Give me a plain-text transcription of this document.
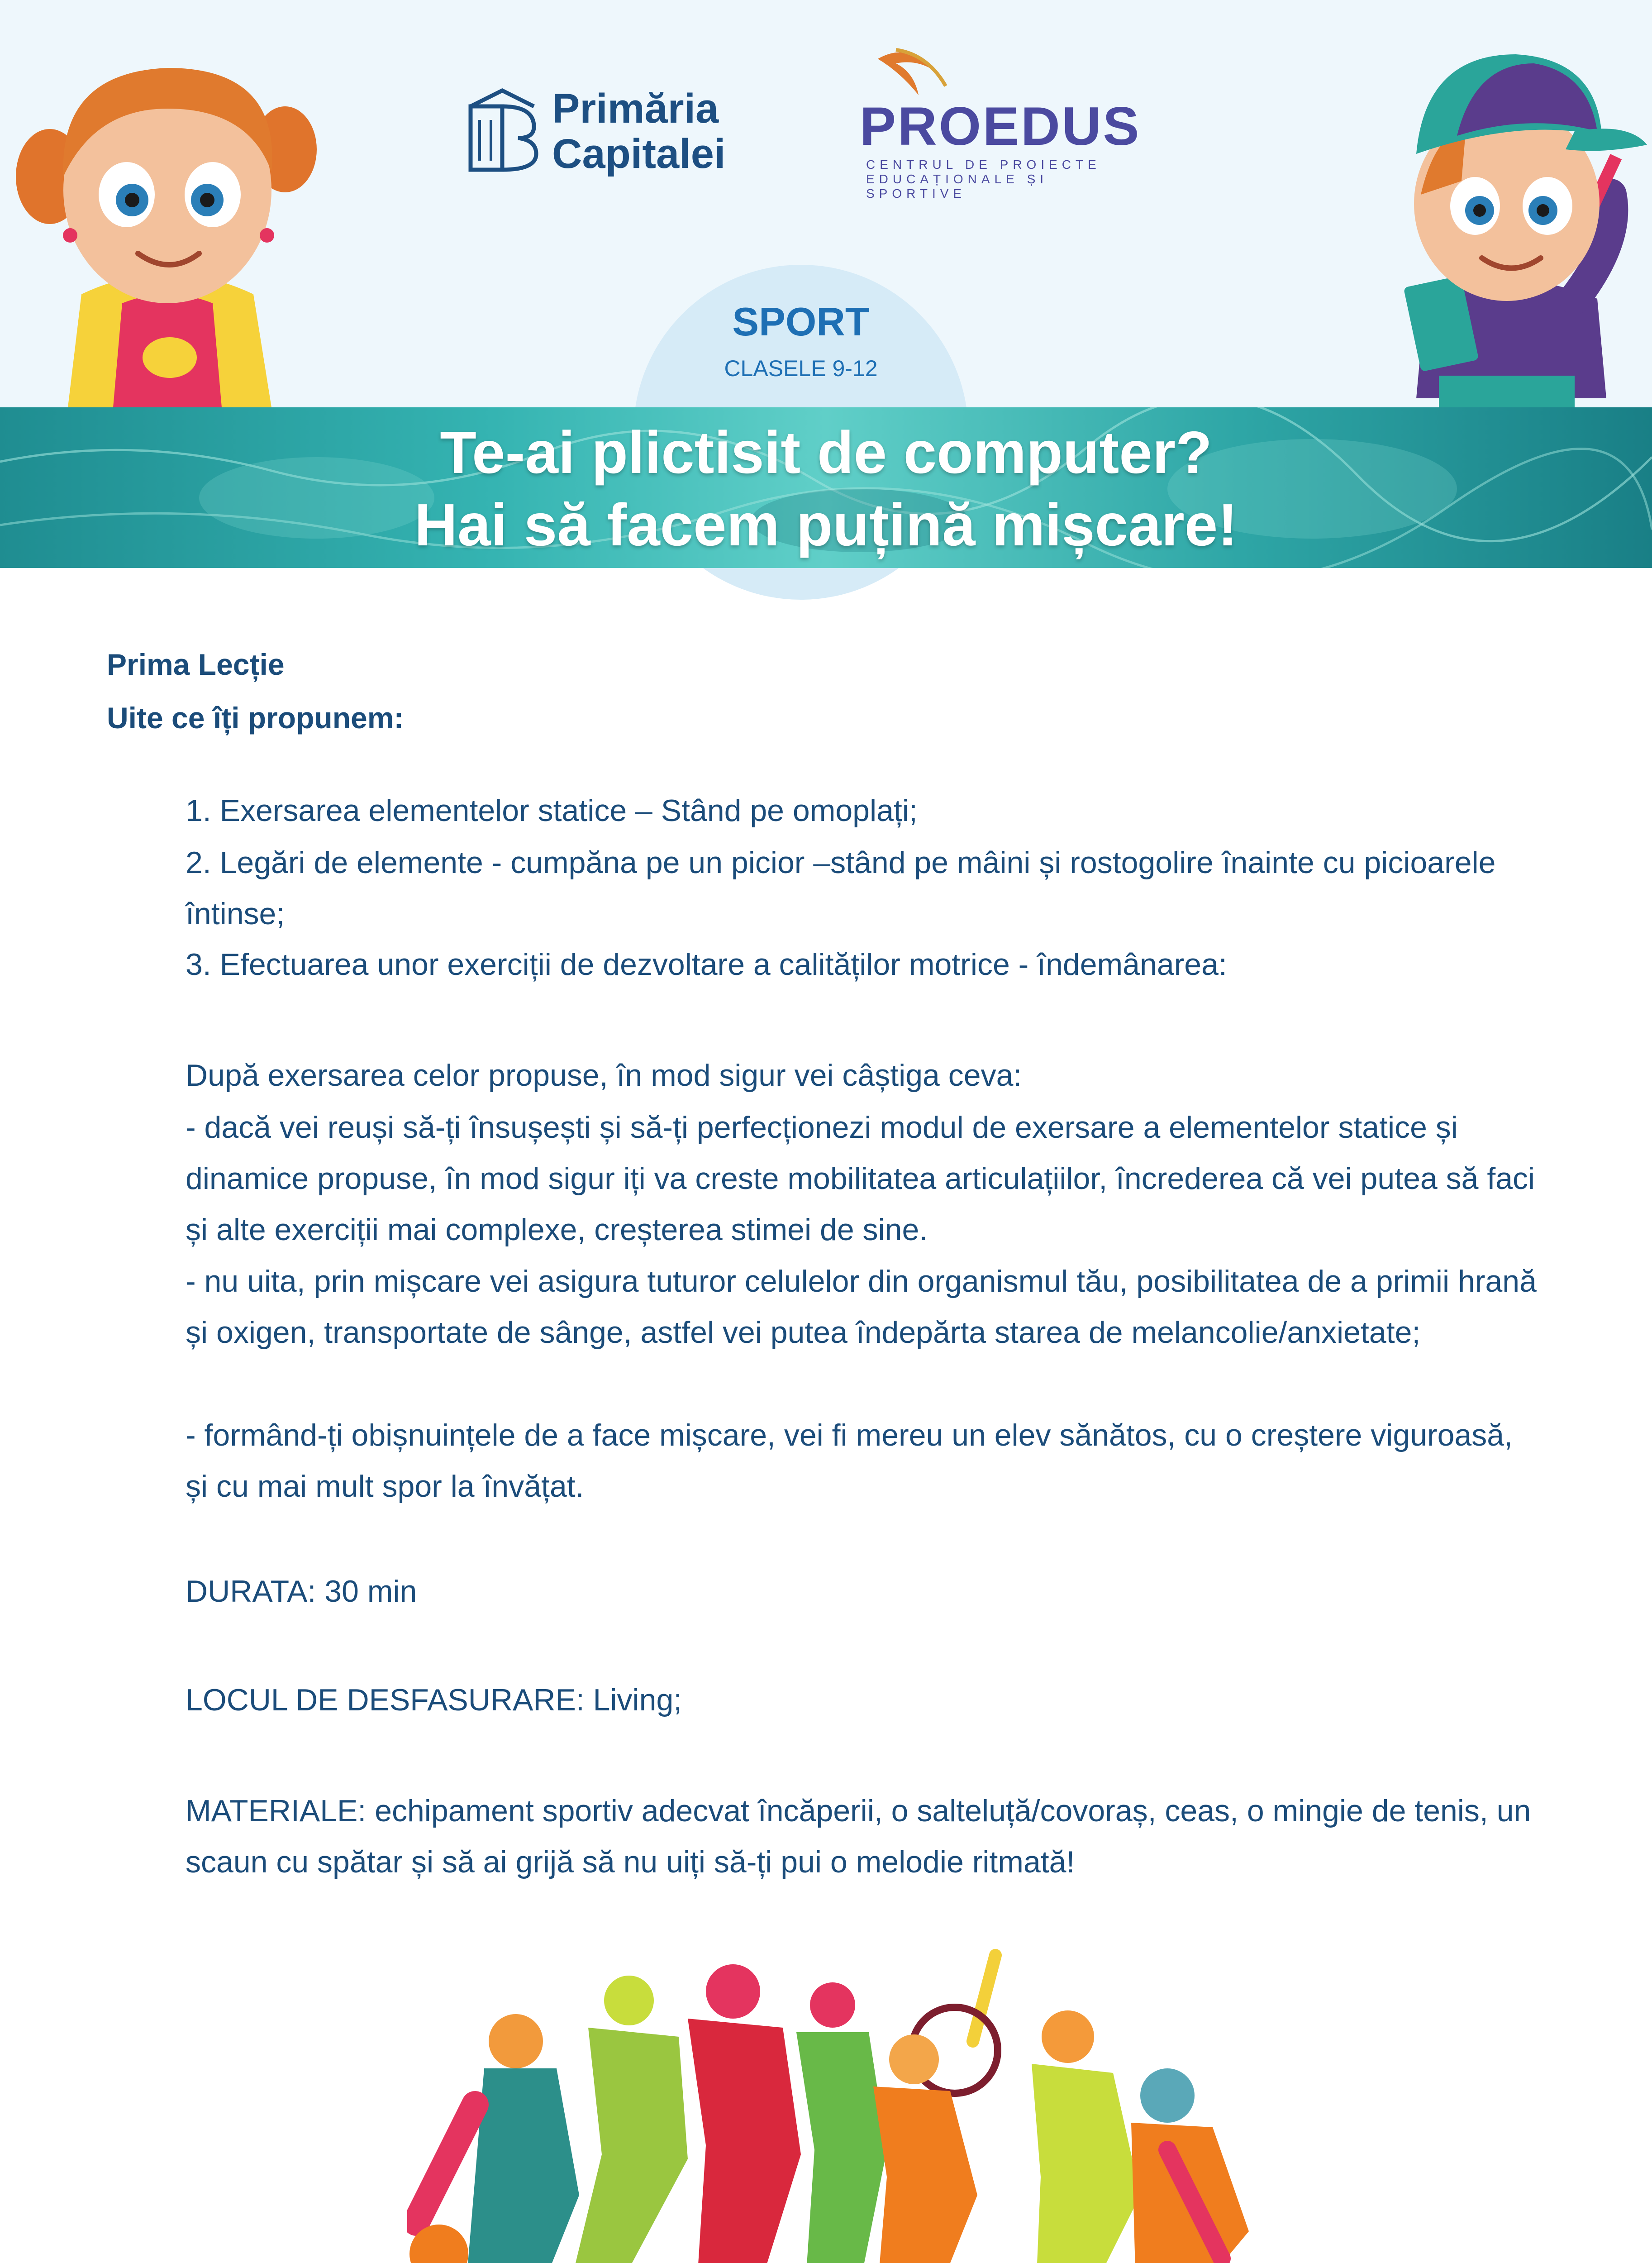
Primăria
Capitalei PROEDUS
CENTRUL DE PROIECTE
EDUCAȚIONALE ȘI SPORTIVE
SPORT
CLASELE 9-12
Te-ai plictisit de computer?
Hai să facem puțină mișcare!
Prima Lecție
Uite ce îți propunem:
1. Exersarea elementelor statice – Stând pe omoplați;
2. Legări de elemente - cumpăna pe un picior –stând pe mâini și rostogolire înainte cu picioarele întinse;
3. Efectuarea unor exerciții de dezvoltare a calităților motrice - îndemânarea:
După exersarea celor propuse, în mod sigur vei câștiga ceva:
- dacă vei reuși să-ți însușești și să-ți perfecționezi modul de exersare a elementelor statice și dinamice propuse, în mod sigur iți va creste mobilitatea articulațiilor, încrederea că vei putea să faci și alte exerciții mai complexe, creșterea stimei de sine.
- nu uita, prin mișcare vei asigura tuturor celulelor din organismul tău, posibilitatea de a primii hrană și oxigen, transportate de sânge, astfel vei putea îndepărta starea de melancolie/anxietate;
- formând-ți obișnuințele de a face mișcare, vei fi mereu un elev sănătos, cu o creștere viguroasă, și cu mai mult spor la învățat.
DURATA: 30 min
LOCUL DE DESFASURARE: Living;
MATERIALE: echipament sportiv adecvat încăperii, o salteluță/covoraș, ceas, o mingie de tenis, un scaun cu spătar și să ai grijă să nu uiți să-ți pui o melodie ritmată!
